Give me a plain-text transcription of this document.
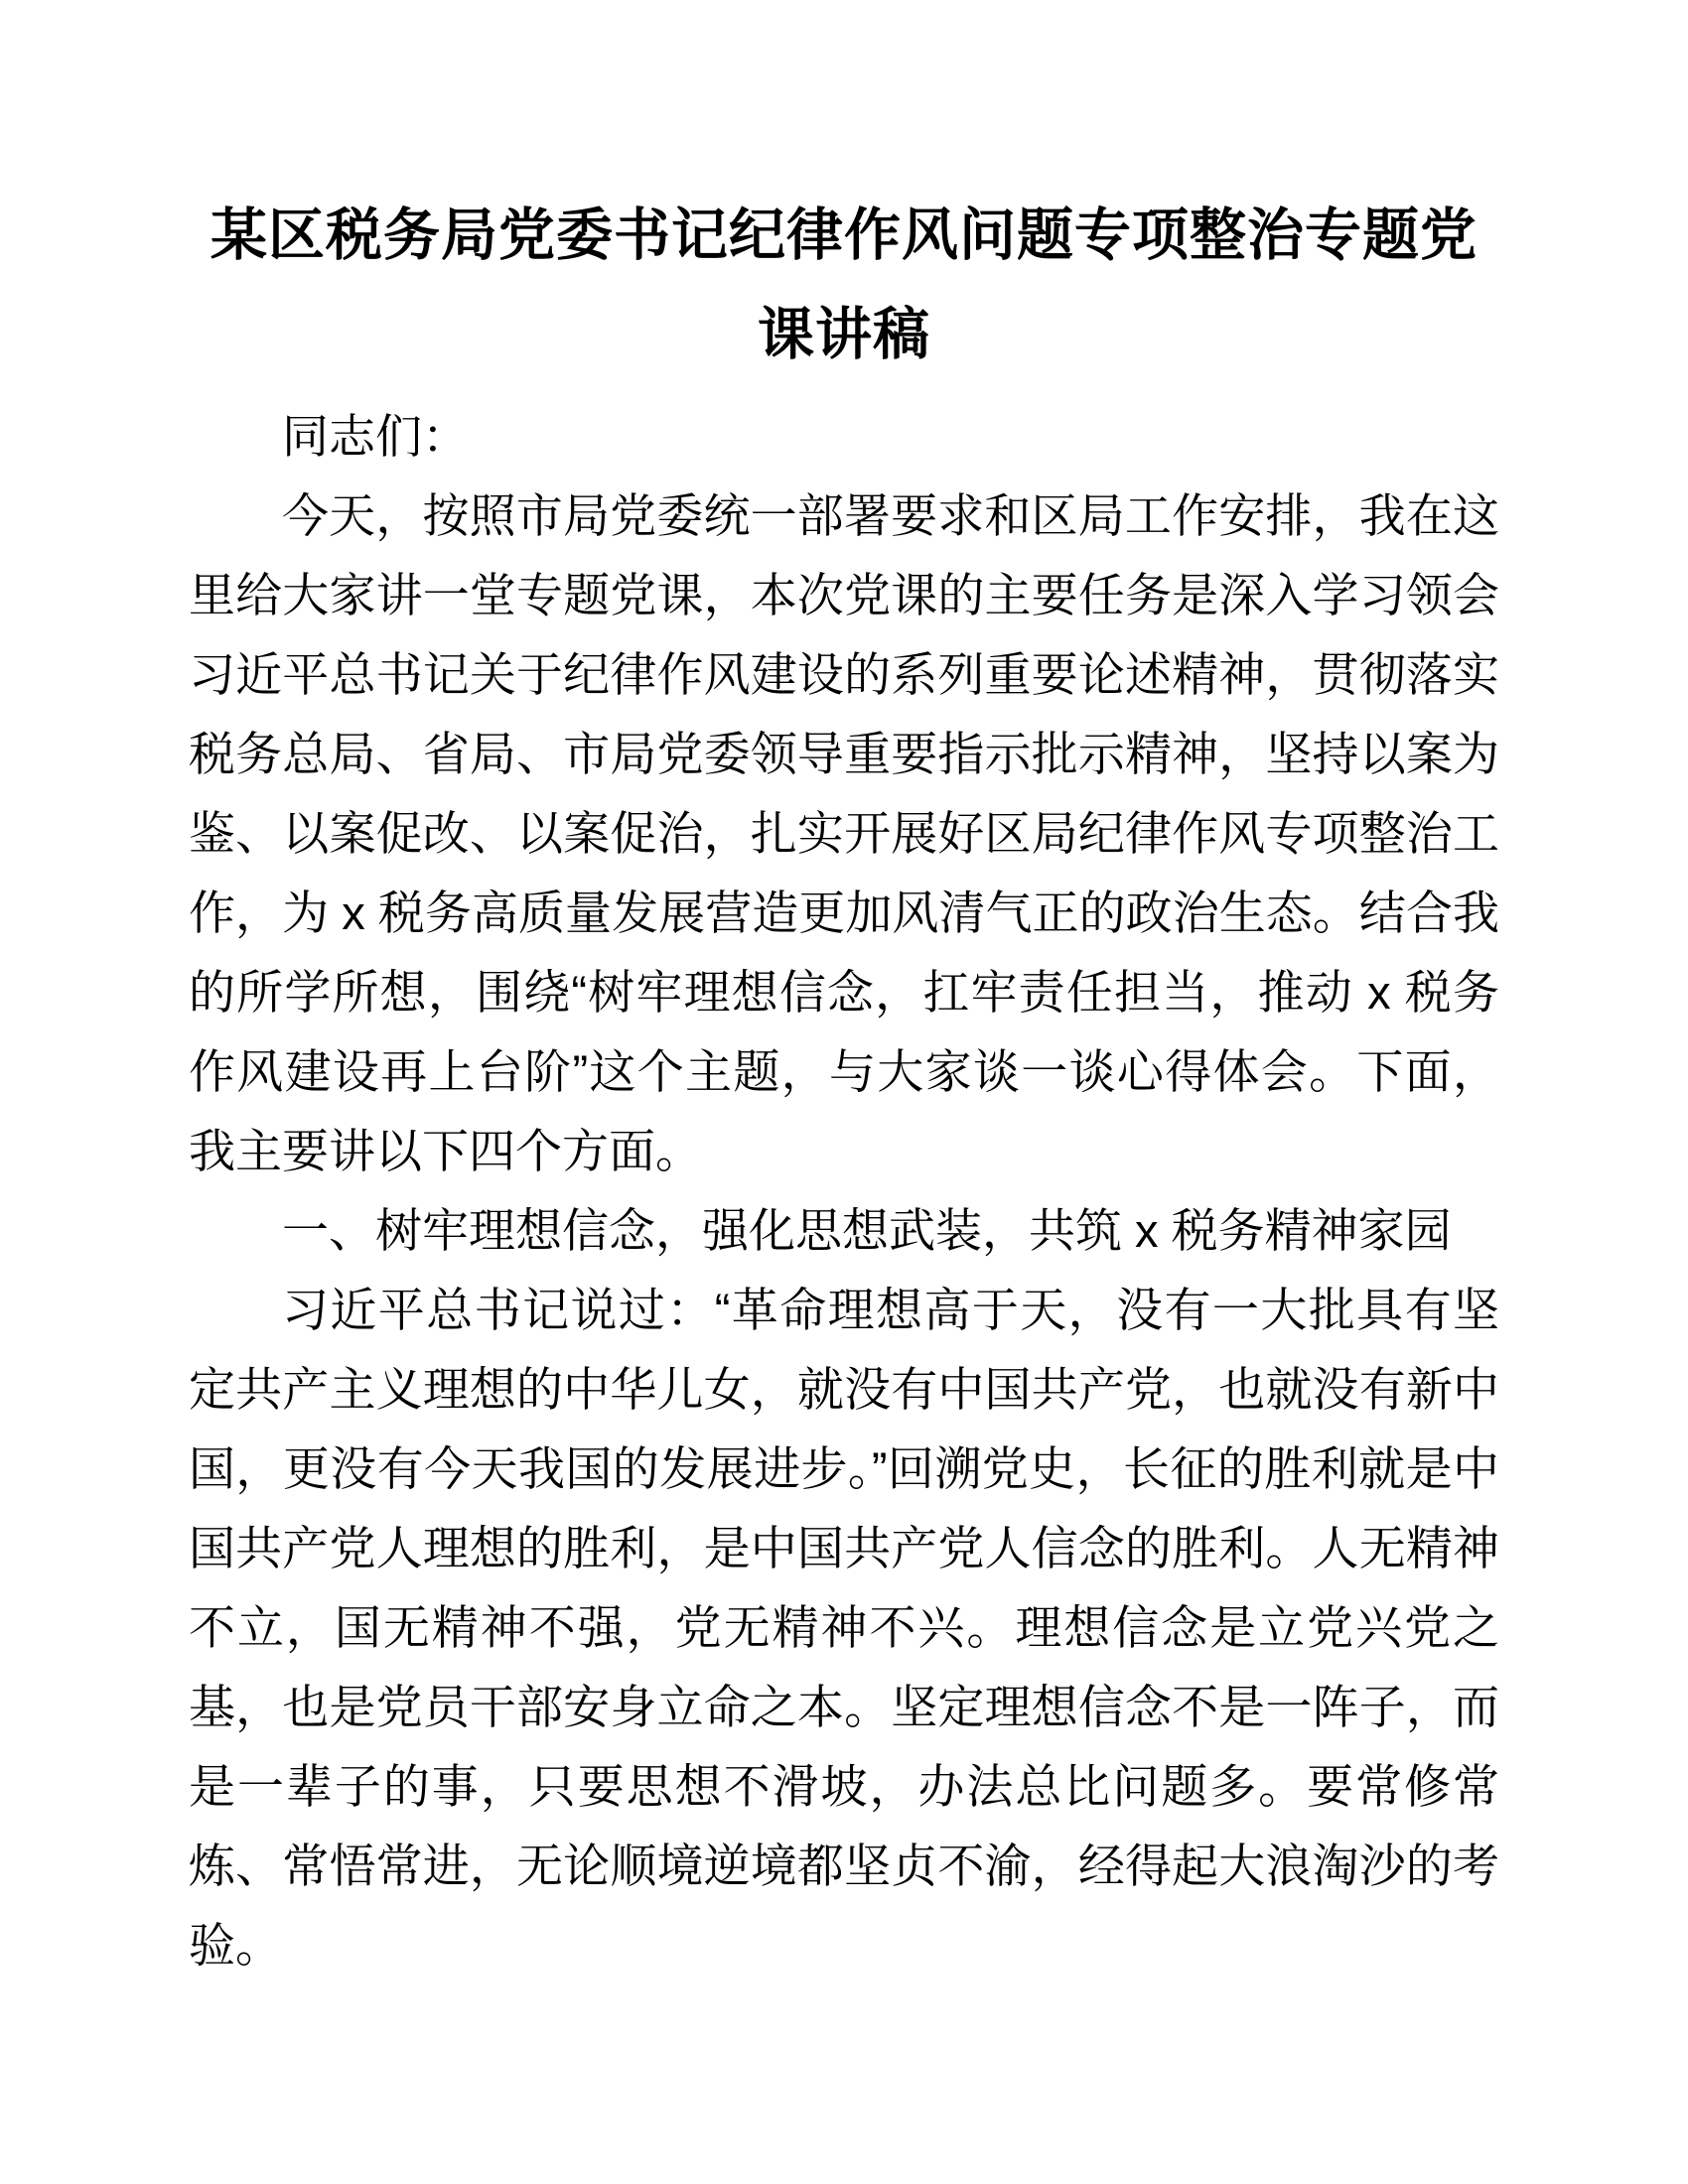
某区税务局党委书记纪律作风问题专项整治专题党课讲稿

同志们：

今天，按照市局党委统一部署要求和区局工作安排，我在这里给大家讲一堂专题党课，本次党课的主要任务是深入学习领会习近平总书记关于纪律作风建设的系列重要论述精神，贯彻落实税务总局、省局、市局党委领导重要指示批示精神，坚持以案为鉴、以案促改、以案促治，扎实开展好区局纪律作风专项整治工作，为 x 税务高质量发展营造更加风清气正的政治生态。结合我的所学所想，围绕“树牢理想信念，扛牢责任担当，推动 x 税务作风建设再上台阶”这个主题，与大家谈一谈心得体会。下面，我主要讲以下四个方面。

一、树牢理想信念，强化思想武装，共筑 x 税务精神家园

习近平总书记说过：“革命理想高于天，没有一大批具有坚定共产主义理想的中华儿女，就没有中国共产党，也就没有新中国，更没有今天我国的发展进步。”回溯党史，长征的胜利就是中国共产党人理想的胜利，是中国共产党人信念的胜利。人无精神不立，国无精神不强，党无精神不兴。理想信念是立党兴党之基，也是党员干部安身立命之本。坚定理想信念不是一阵子，而是一辈子的事，只要思想不滑坡，办法总比问题多。要常修常炼、常悟常进，无论顺境逆境都坚贞不渝，经得起大浪淘沙的考验。
